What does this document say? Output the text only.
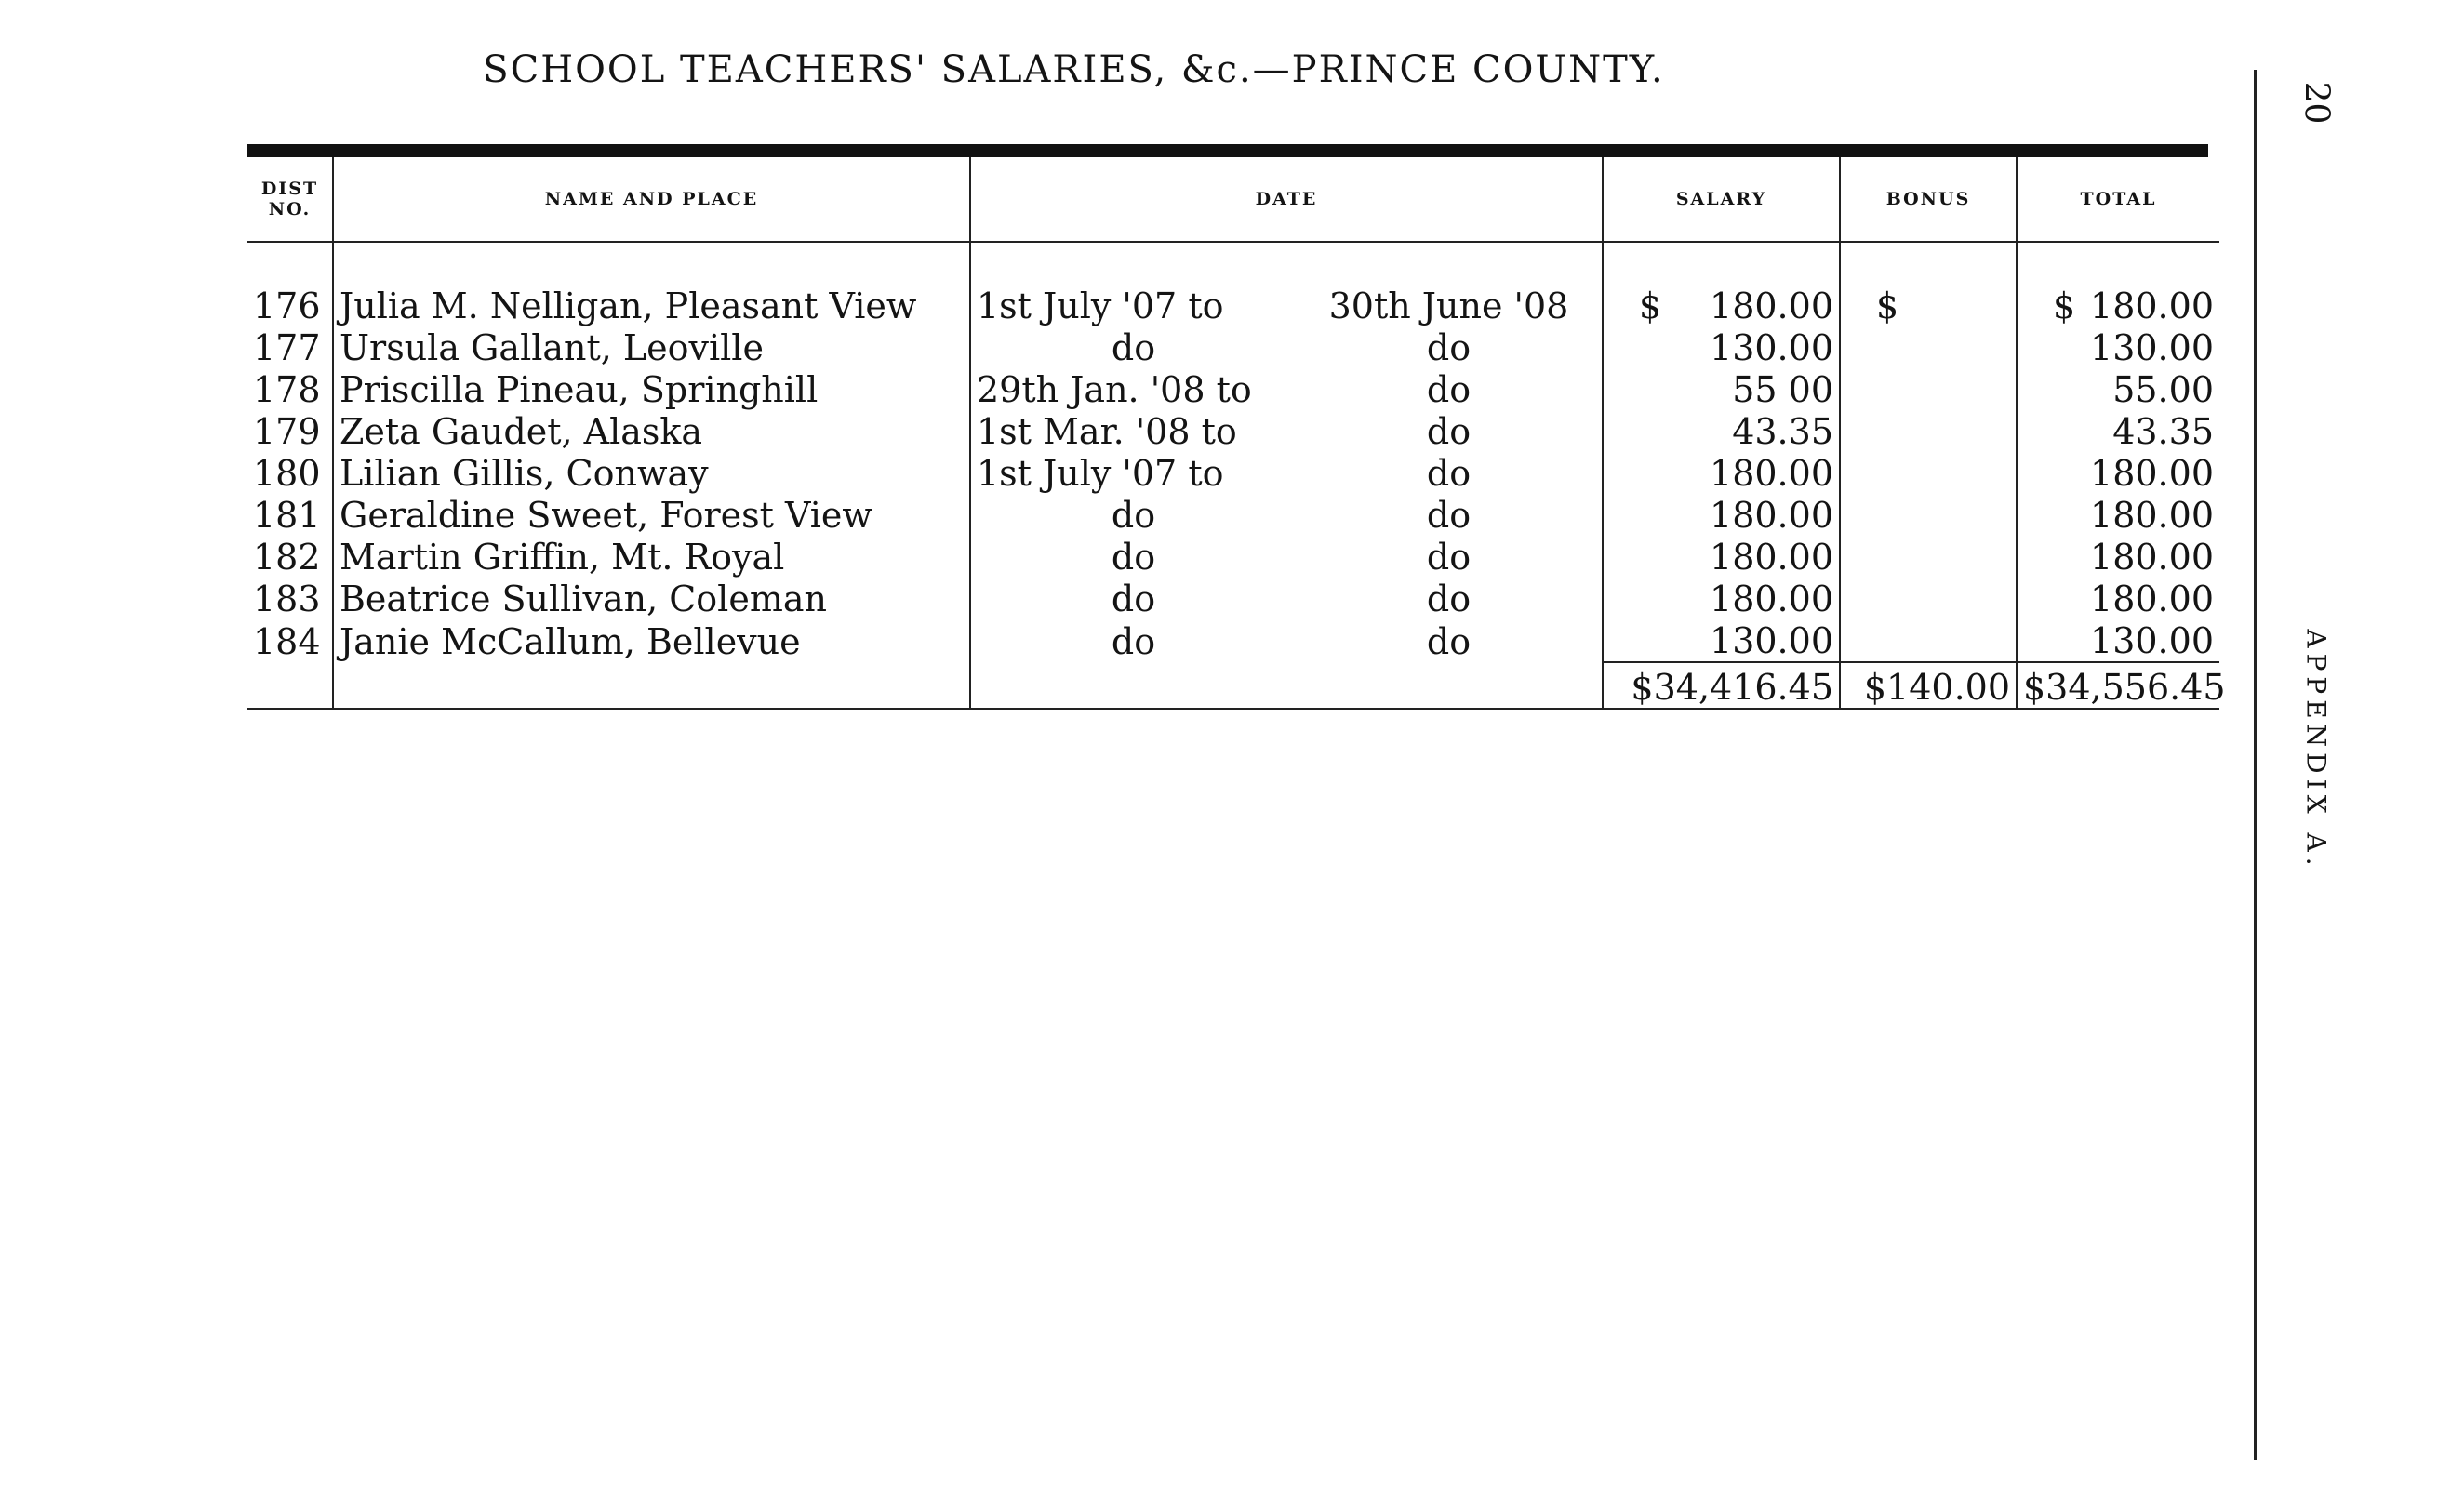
SCHOOL TEACHERS' SALARIES, &c.—PRINCE COUNTY.
20
APPENDIX A.
DIST NO.	NAME AND PLACE	DATE		SALARY	BONUS	TOTAL

176	Julia M. Nelligan, Pleasant View	1st July '07 to	30th June '08	$ 180.00	$	$ 180.00
177	Ursula Gallant, Leoville	do	do	130.00		130.00
178	Priscilla Pineau, Springhill	29th Jan. '08 to	do	55 00		55.00
179	Zeta Gaudet, Alaska	1st Mar. '08 to	do	43.35		43.35
180	Lilian Gillis, Conway	1st July '07 to	do	180.00		180.00
181	Geraldine Sweet, Forest View	do	do	180.00		180.00
182	Martin Griffin, Mt. Royal	do	do	180.00		180.00
183	Beatrice Sullivan, Coleman	do	do	180.00		180.00
184	Janie McCallum, Bellevue	do	do	130.00		130.00
				$34,416.45	$140.00	$34,556.45
